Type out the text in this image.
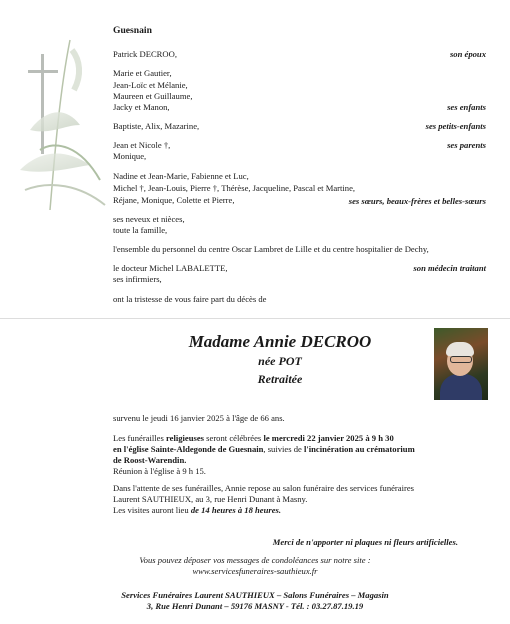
Guesnain
Patrick DECROO,	son époux
Marie et Gautier,
Jean-Loïc et Mélanie,
Maureen et Guillaume,
Jacky et Manon,	ses enfants
Baptiste, Alix, Mazarine,	ses petits-enfants
Jean et Nicole †,	ses parents
Monique,
Nadine et Jean-Marie, Fabienne et Luc,
Michel †, Jean-Louis, Pierre †, Thérèse, Jacqueline, Pascal et Martine,
Réjane, Monique, Colette et Pierre,	ses sœurs, beaux-frères et belles-sœurs
ses neveux et nièces,
toute la famille,
l'ensemble du personnel du centre Oscar Lambret de Lille et du centre hospitalier de Dechy,
le docteur Michel LABALETTE,	son médecin traitant
ses infirmiers,
ont la tristesse de vous faire part du décès de
Madame Annie DECROO
née POT
Retraitée
survenu le jeudi 16 janvier 2025 à l'âge de 66 ans.
Les funérailles religieuses seront célébrées le mercredi 22 janvier 2025 à 9 h 30
en l'église Sainte-Aldegonde de Guesnain, suivies de l'incinération au crématorium
de Roost-Warendin.
Réunion à l'église à 9 h 15.
Dans l'attente de ses funérailles, Annie repose au salon funéraire des services funéraires
Laurent SAUTHIEUX, au 3, rue Henri Dunant à Masny.
Les visites auront lieu de 14 heures à 18 heures.
Merci de n'apporter ni plaques ni fleurs artificielles.
Vous pouvez déposer vos messages de condoléances sur notre site :
www.servicesfuneraires-sauthieux.fr
Services Funéraires Laurent SAUTHIEUX – Salons Funéraires – Magasin
3, Rue Henri Dunant – 59176 MASNY - Tél. : 03.27.87.19.19
